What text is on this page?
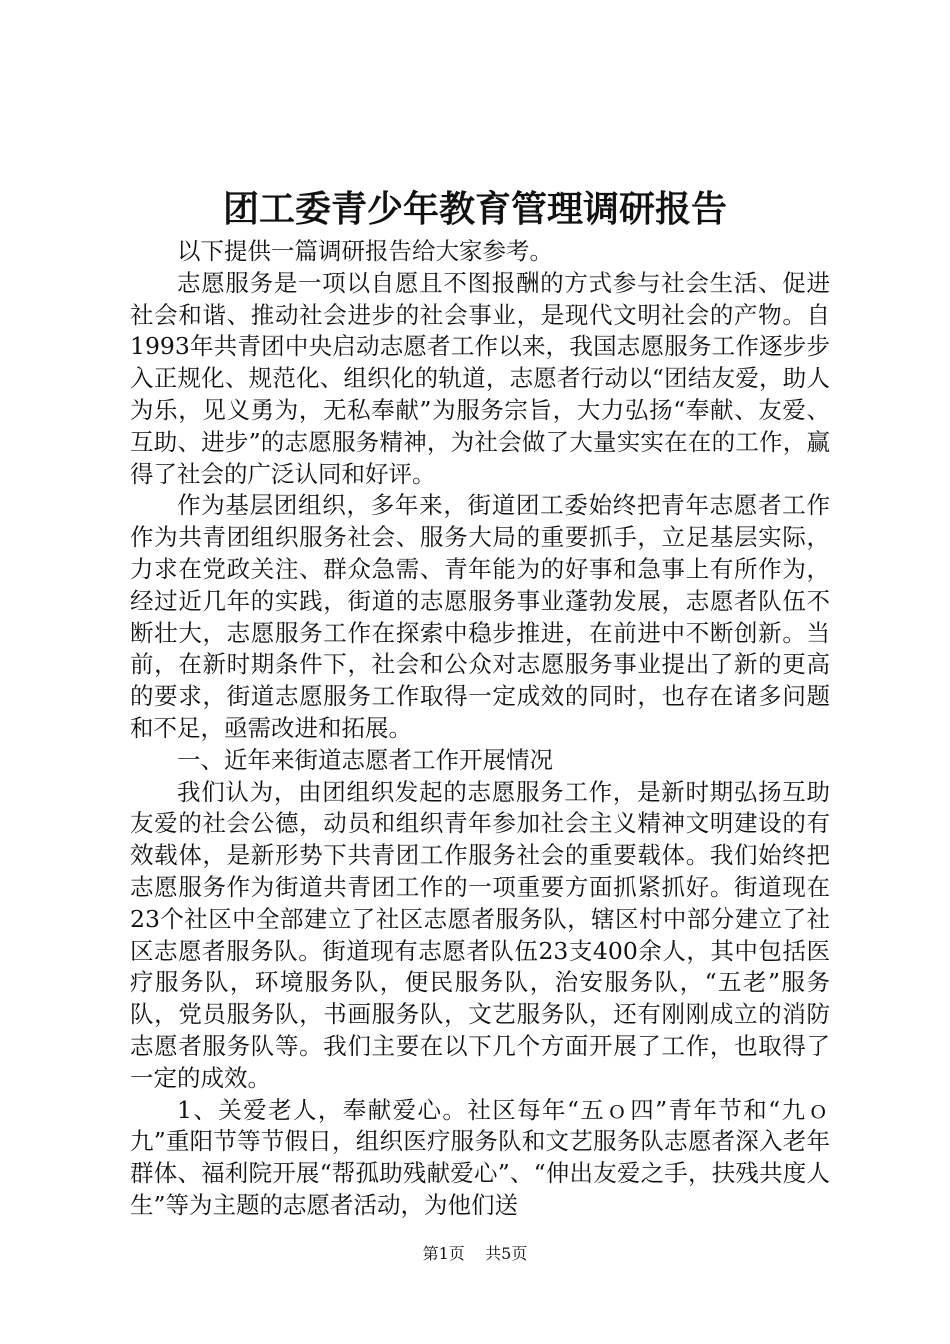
团工委青少年教育管理调研报告

以下提供一篇调研报告给大家参考。

志愿服务是一项以自愿且不图报酬的方式参与社会生活、促进社会和谐、推动社会进步的社会事业，是现代文明社会的产物。自1993年共青团中央启动志愿者工作以来，我国志愿服务工作逐步步入正规化、规范化、组织化的轨道，志愿者行动以“团结友爱，助人为乐，见义勇为，无私奉献”为服务宗旨，大力弘扬“奉献、友爱、互助、进步”的志愿服务精神，为社会做了大量实实在在的工作，赢得了社会的广泛认同和好评。

作为基层团组织，多年来，街道团工委始终把青年志愿者工作作为共青团组织服务社会、服务大局的重要抓手，立足基层实际，力求在党政关注、群众急需、青年能为的好事和急事上有所作为，经过近几年的实践，街道的志愿服务事业蓬勃发展，志愿者队伍不断壮大，志愿服务工作在探索中稳步推进，在前进中不断创新。当前，在新时期条件下，社会和公众对志愿服务事业提出了新的更高的要求，街道志愿服务工作取得一定成效的同时，也存在诸多问题和不足，亟需改进和拓展。

一、近年来街道志愿者工作开展情况

我们认为，由团组织发起的志愿服务工作，是新时期弘扬互助友爱的社会公德，动员和组织青年参加社会主义精神文明建设的有效载体，是新形势下共青团工作服务社会的重要载体。我们始终把志愿服务作为街道共青团工作的一项重要方面抓紧抓好。街道现在23个社区中全部建立了社区志愿者服务队，辖区村中部分建立了社区志愿者服务队。街道现有志愿者队伍23支400余人，其中包括医疗服务队，环境服务队，便民服务队，治安服务队，“五老”服务队，党员服务队，书画服务队，文艺服务队，还有刚刚成立的消防志愿者服务队等。我们主要在以下几个方面开展了工作，也取得了一定的成效。

1、关爱老人，奉献爱心。社区每年“五ｏ四”青年节和“九ｏ九”重阳节等节假日，组织医疗服务队和文艺服务队志愿者深入老年群体、福利院开展“帮孤助残献爱心”、“伸出友爱之手，扶残共度人生”等为主题的志愿者活动，为他们送

第1页 共5页
